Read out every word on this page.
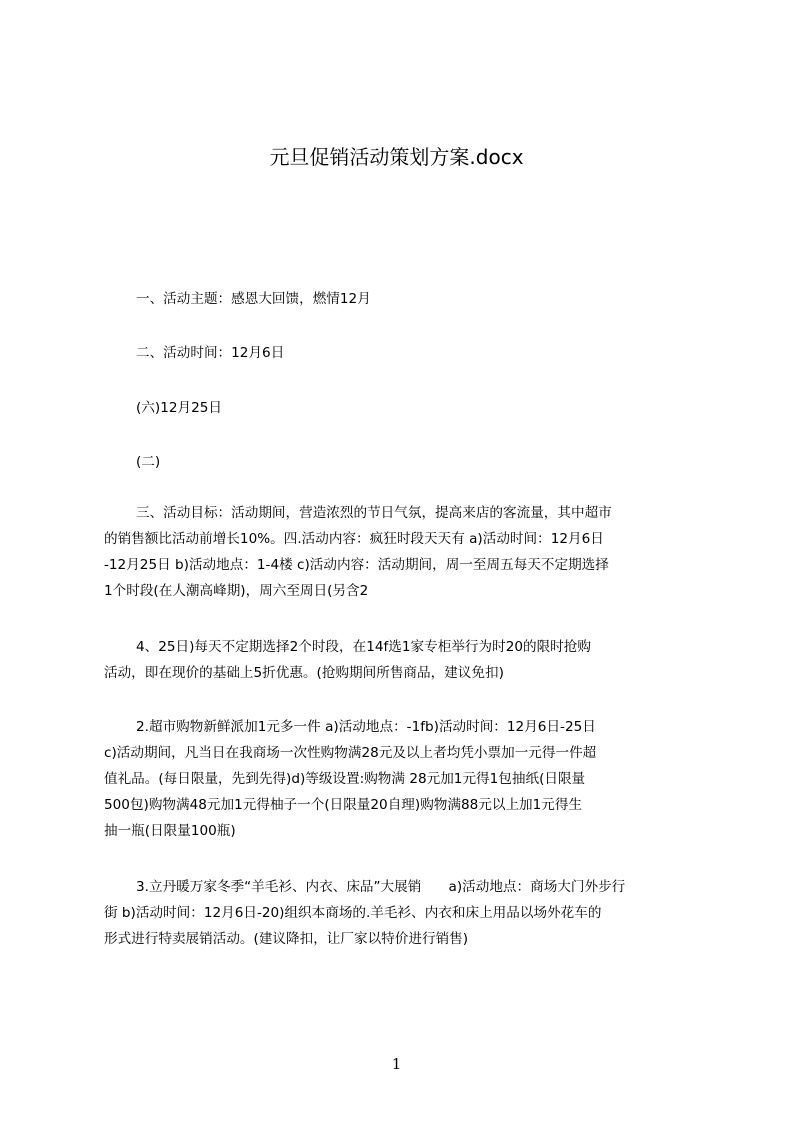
元旦促销活动策划方案.docx
一、活动主题：感恩大回馈，燃情12月
二、活动时间：12月6日
(六)12月25日
(二)
三、活动目标：活动期间，营造浓烈的节日气氛，提高来店的客流量，其中超市
的销售额比活动前增长10%。四.活动内容：疯狂时段天天有 a)活动时间：12月6日
-12月25日 b)活动地点：1-4楼 c)活动内容：活动期间，周一至周五每天不定期选择
1个时段(在人潮高峰期)，周六至周日(另含2
4、25日)每天不定期选择2个时段，在14f选1家专柜举行为时20的限时抢购
活动，即在现价的基础上5折优惠。(抢购期间所售商品，建议免扣)
2.超市购物新鲜派加1元多一件 a)活动地点：-1fb)活动时间：12月6日-25日
c)活动期间，凡当日在我商场一次性购物满28元及以上者均凭小票加一元得一件超
值礼品。(每日限量，先到先得)d)等级设置:购物满 28元加1元得1包抽纸(日限量
500包)购物满48元加1元得柚子一个(日限量20自理)购物满88元以上加1元得生
抽一瓶(日限量100瓶)
3.立丹暖万家冬季“羊毛衫、内衣、床品”大展销　　a)活动地点：商场大门外步行
街 b)活动时间：12月6日-20)组织本商场的.羊毛衫、内衣和床上用品以场外花车的
形式进行特卖展销活动。(建议降扣，让厂家以特价进行销售)
1
